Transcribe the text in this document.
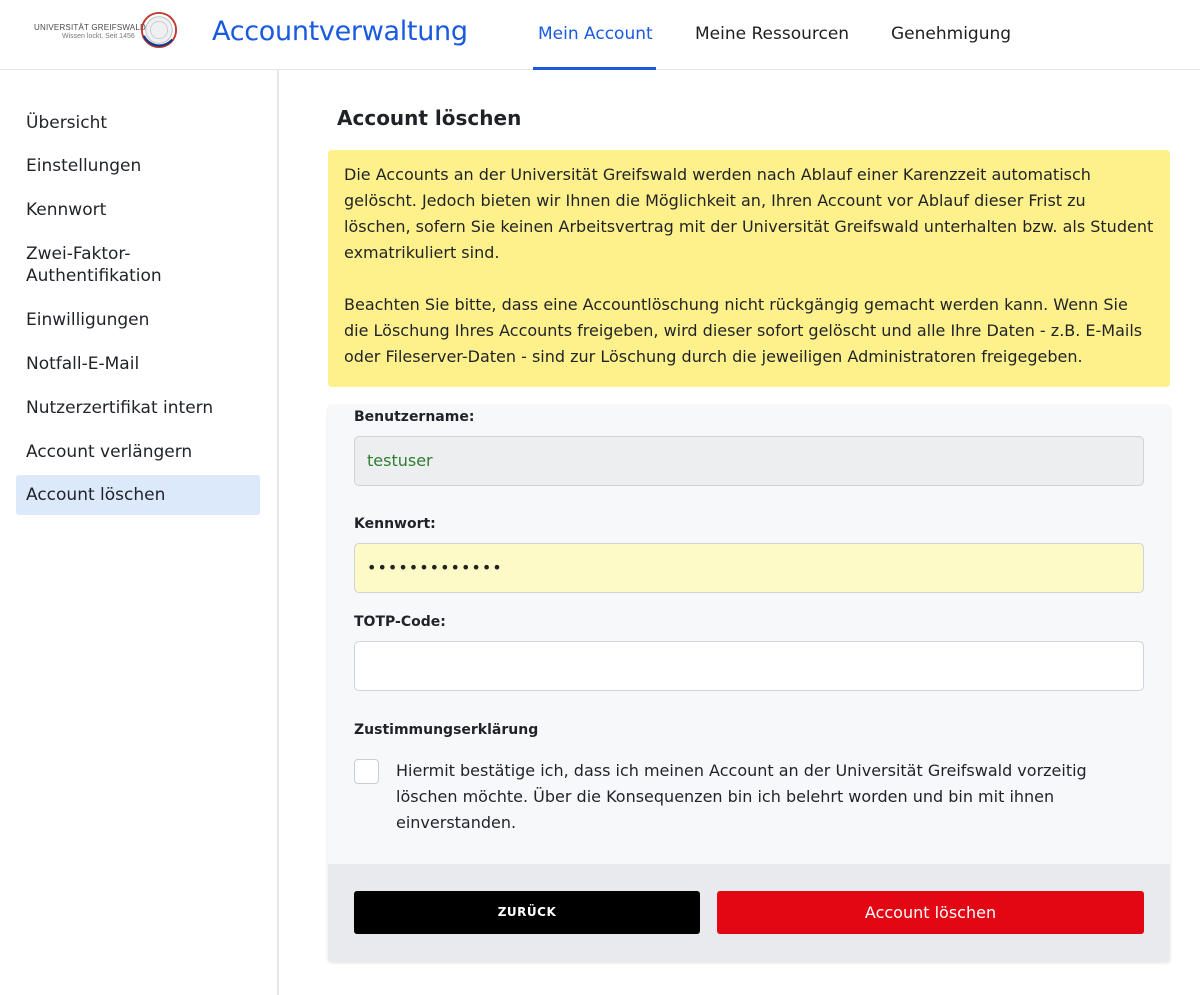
UNIVERSITÄT GREIFSWALD
Wissen lockt. Seit 1456	Accountverwaltung	Mein Account Meine Ressourcen Genehmigung
Übersicht
Einstellungen
Kennwort
Zwei-Faktor-Authentifikation
Einwilligungen
Notfall-E-Mail
Nutzerzertifikat intern
Account verlängern
Account löschen
Account löschen

Die Accounts an der Universität Greifswald werden nach Ablauf einer Karenzzeit automatisch gelöscht. Jedoch bieten wir Ihnen die Möglichkeit an, Ihren Account vor Ablauf dieser Frist zu löschen, sofern Sie keinen Arbeitsvertrag mit der Universität Greifswald unterhalten bzw. als Student exmatrikuliert sind.

Beachten Sie bitte, dass eine Accountlöschung nicht rückgängig gemacht werden kann. Wenn Sie die Löschung Ihres Accounts freigeben, wird dieser sofort gelöscht und alle Ihre Daten - z.B. E-Mails oder Fileserver-Daten - sind zur Löschung durch die jeweiligen Administratoren freigegeben.

Benutzername:
testuser
Kennwort:
•••••••••••••
TOTP-Code:
Zustimmungserklärung
Hiermit bestätige ich, dass ich meinen Account an der Universität Greifswald vorzeitig löschen möchte. Über die Konsequenzen bin ich belehrt worden und bin mit ihnen einverstanden.
ZURÜCK	Account löschen
